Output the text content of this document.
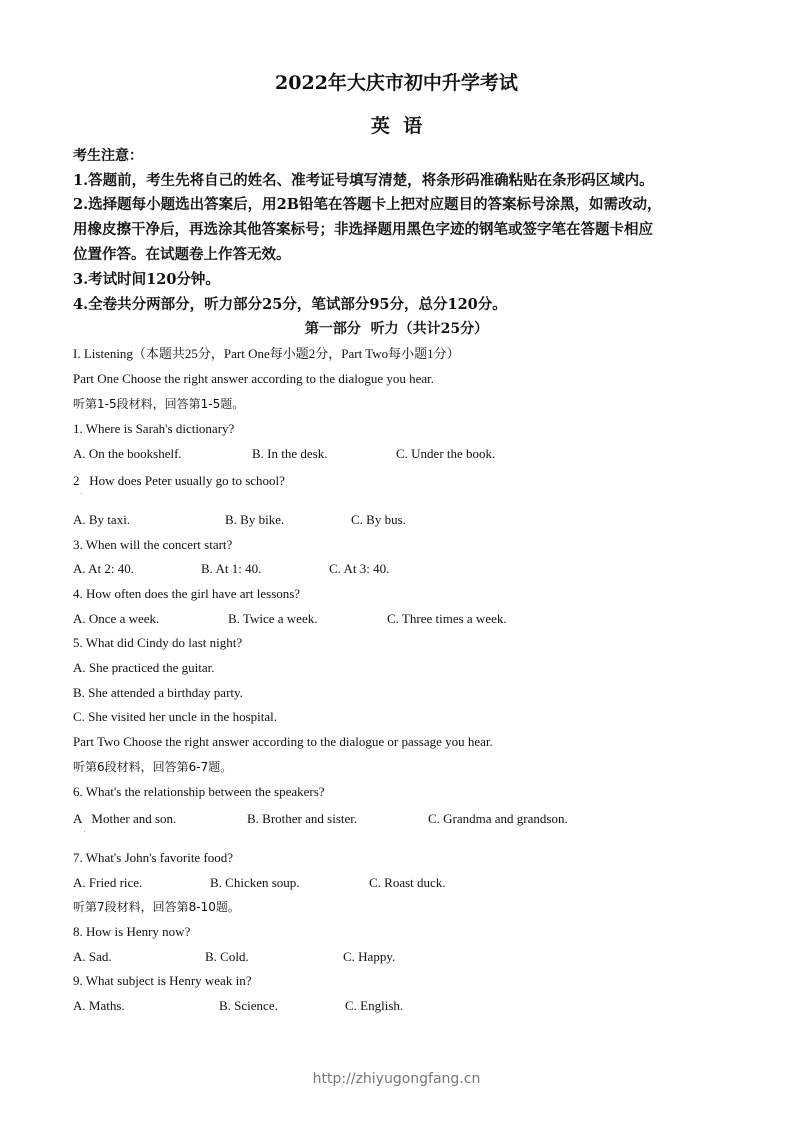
2022年大庆市初中升学考试
英  语
考生注意：
1.答题前，考生先将自己的姓名、准考证号填写清楚，将条形码准确粘贴在条形码区域内。
2.选择题每小题选出答案后，用2B铅笔在答题卡上把对应题目的答案标号涂黑，如需改动，
用橡皮擦干净后，再选涂其他答案标号；非选择题用黑色字迹的钢笔或签字笔在答题卡相应
位置作答。在试题卷上作答无效。
3.考试时间120分钟。
4.全卷共分两部分，听力部分25分，笔试部分95分，总分120分。
第一部分  听力（共计25分）
I. Listening（本题共25分，Part One每小题2分，Part Two每小题1分）
Part One Choose the right answer according to the dialogue you hear.
听第1-5段材料，回答第1-5题。
1. Where is Sarah's dictionary?
A. On the bookshelf.	B. In the desk.	C. Under the book.
2   How does Peter usually go to school?
A. By taxi.	B. By bike.	C. By bus.
3. When will the concert start?
A. At 2: 40.	B. At 1: 40.	C. At 3: 40.
4. How often does the girl have art lessons?
A. Once a week.	B. Twice a week.	C. Three times a week.
5. What did Cindy do last night?
A. She practiced the guitar.
B. She attended a birthday party.
C. She visited her uncle in the hospital.
Part Two Choose the right answer according to the dialogue or passage you hear.
听第6段材料，回答第6-7题。
6. What's the relationship between the speakers?
A   Mother and son.	B. Brother and sister.	C. Grandma and grandson.
7. What's John's favorite food?
A. Fried rice.	B. Chicken soup.	C. Roast duck.
听第7段材料，回答第8-10题。
8. How is Henry now?
A. Sad.	B. Cold.	C. Happy.
9. What subject is Henry weak in?
A. Maths.	B. Science.	C. English.
http://zhiyugongfang.cn
